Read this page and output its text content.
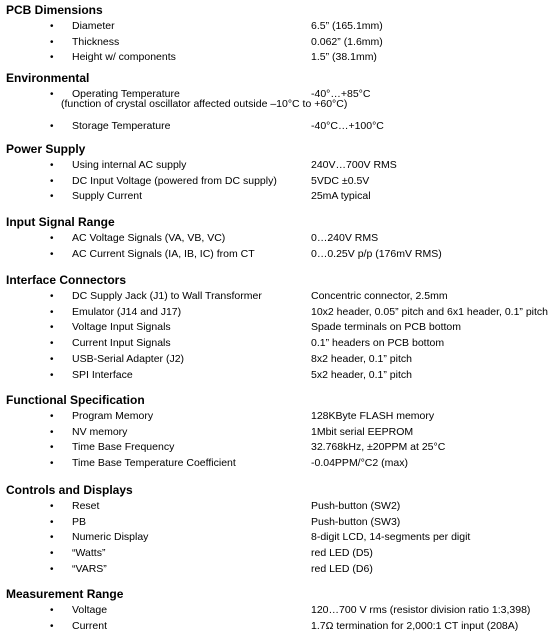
PCB Dimensions
• Diameter	6.5” (165.1mm)
• Thickness	0.062” (1.6mm)
• Height w/ components	1.5” (38.1mm)
Environmental
• Operating Temperature	-40°…+85°C
(function of crystal oscillator affected outside –10°C to +60°C)
• Storage Temperature	-40°C…+100°C
Power Supply
• Using internal AC supply	240V…700V RMS
• DC Input Voltage (powered from DC supply)	5VDC ±0.5V
• Supply Current	25mA typical
Input Signal Range
• AC Voltage Signals (VA, VB, VC)	0…240V RMS
• AC Current Signals (IA, IB, IC) from CT	0…0.25V p/p (176mV RMS)
Interface Connectors
• DC Supply Jack (J1) to Wall Transformer	Concentric connector, 2.5mm
• Emulator (J14 and J17)	10x2 header, 0.05” pitch and 6x1 header, 0.1” pitch
• Voltage Input Signals	Spade terminals on PCB bottom
• Current Input Signals	0.1” headers on PCB bottom
• USB-Serial Adapter (J2)	8x2 header, 0.1” pitch
• SPI Interface	5x2 header, 0.1” pitch
Functional Specification
• Program Memory	128KByte FLASH memory
• NV memory	1Mbit serial EEPROM
• Time Base Frequency	32.768kHz, ±20PPM at 25°C
• Time Base Temperature Coefficient	-0.04PPM/°C2 (max)
Controls and Displays
• Reset	Push-button (SW2)
• PB	Push-button (SW3)
• Numeric Display	8-digit LCD, 14-segments per digit
• “Watts”	red LED (D5)
• “VARS”	red LED (D6)
Measurement Range
• Voltage	120…700 V rms (resistor division ratio 1:3,398)
• Current	1.7Ω termination for 2,000:1 CT input (208A)
